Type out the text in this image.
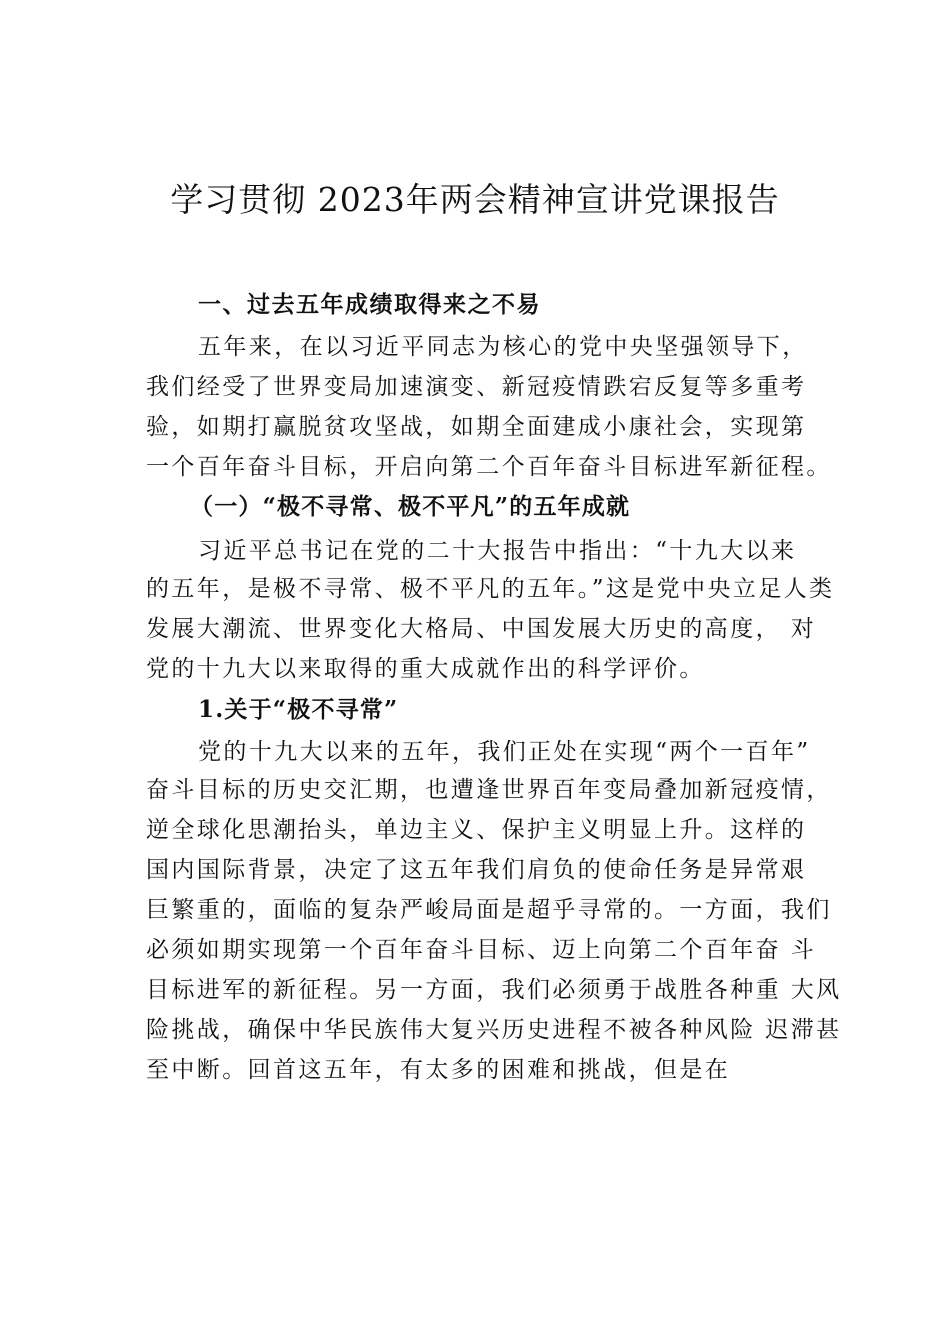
学习贯彻 2023年两会精神宣讲党课报告

一、过去五年成绩取得来之不易

五年来，在以习近平同志为核心的党中央坚强领导下，

我们经受了世界变局加速演变、新冠疫情跌宕反复等多重考

验，如期打赢脱贫攻坚战，如期全面建成小康社会，实现第

一个百年奋斗目标，开启向第二个百年奋斗目标进军新征程。

（一）“极不寻常、极不平凡”的五年成就

习近平总书记在党的二十大报告中指出：“十九大以来

的五年，是极不寻常、极不平凡的五年。”这是党中央立足人类

发展大潮流、世界变化大格局、中国发展大历史的高度， 对

党的十九大以来取得的重大成就作出的科学评价。

1.关于“极不寻常”

党的十九大以来的五年，我们正处在实现“两个一百年”

奋斗目标的历史交汇期，也遭逢世界百年变局叠加新冠疫情，

逆全球化思潮抬头，单边主义、保护主义明显上升。这样的

国内国际背景，决定了这五年我们肩负的使命任务是异常艰

巨繁重的，面临的复杂严峻局面是超乎寻常的。一方面，我们

必须如期实现第一个百年奋斗目标、迈上向第二个百年奋 斗

目标进军的新征程。另一方面，我们必须勇于战胜各种重 大风

险挑战，确保中华民族伟大复兴历史进程不被各种风险 迟滞甚

至中断。回首这五年，有太多的困难和挑战，但是在
